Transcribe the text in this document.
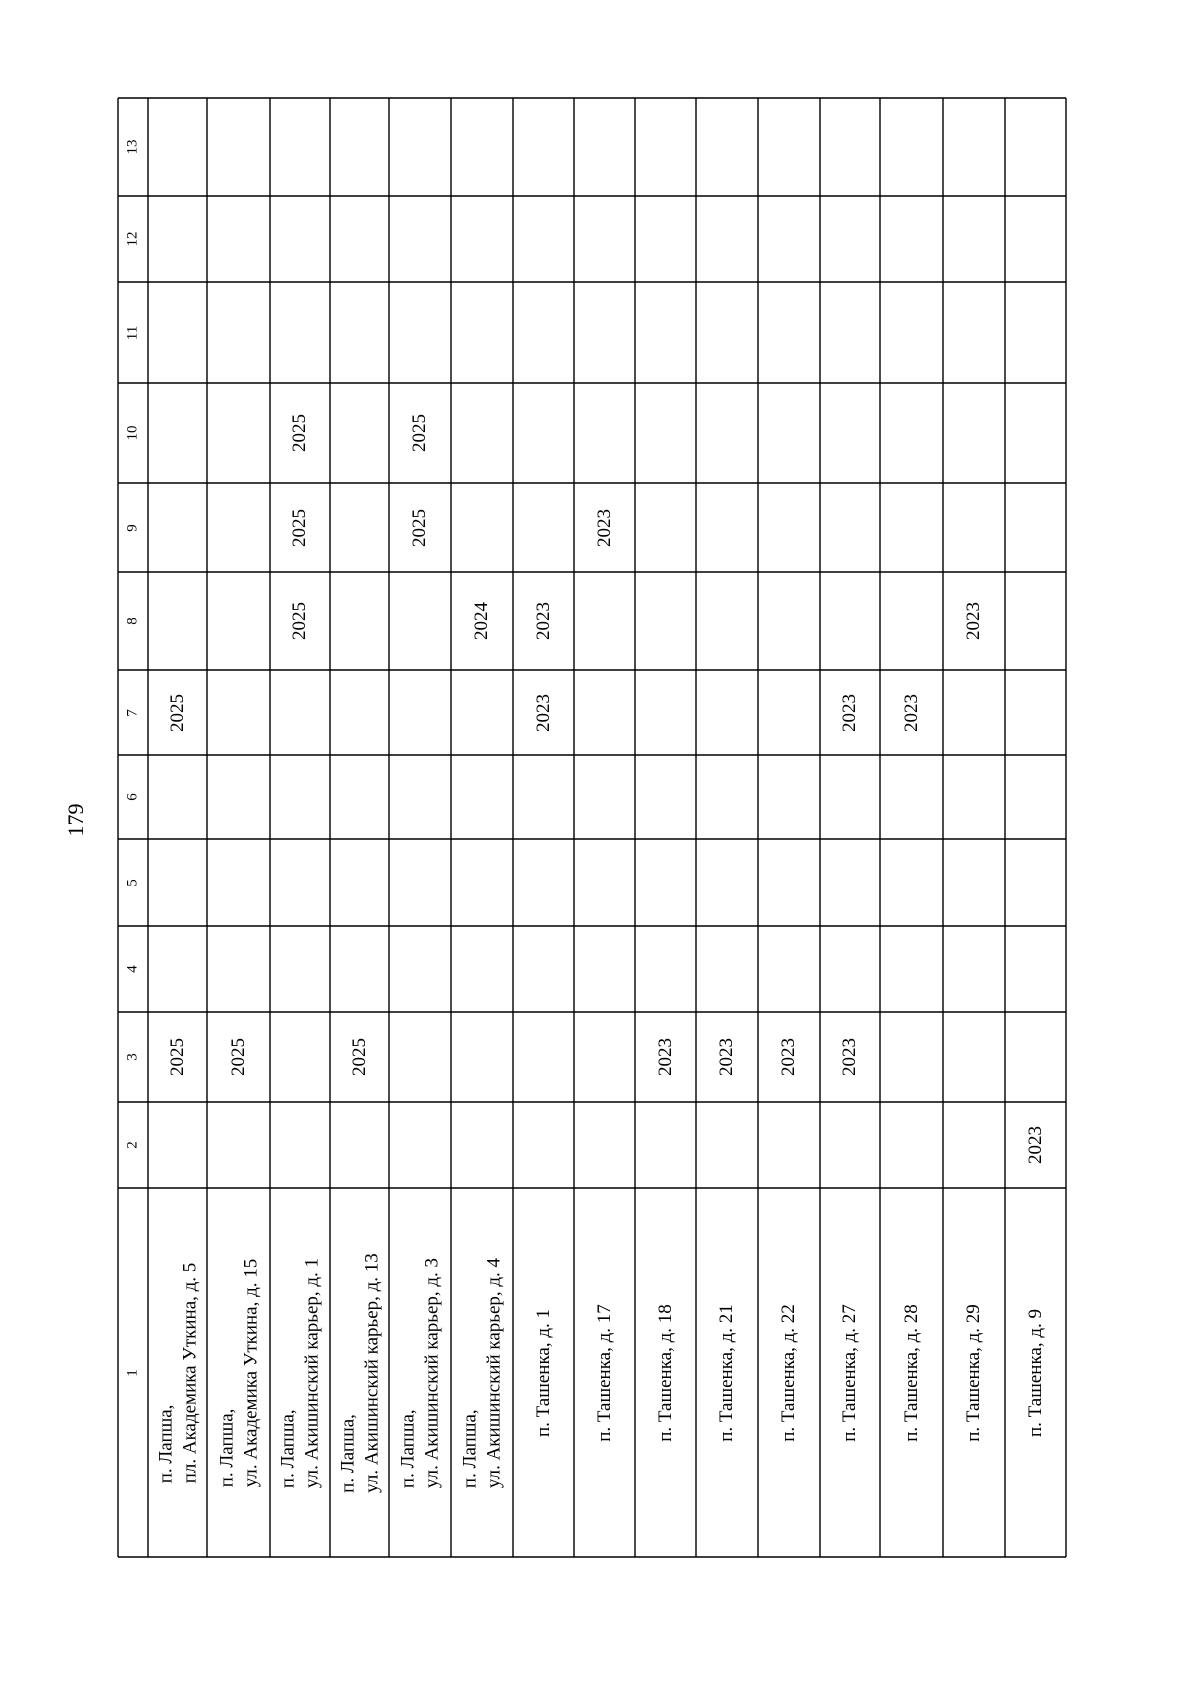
179
1
2
3
4
5
6
7
8
9
10
11
12
13
п. Лапша, пл. Академика Уткина, д. 5
2025
2025
п. Лапша, ул. Академика Уткина, д. 15
2025
п. Лапша, ул. Акишинский карьер, д. 1
2025
2025
2025
п. Лапша, ул. Акишинский карьер, д. 13
2025
п. Лапша, ул. Акишинский карьер, д. 3
2025
2025
п. Лапша, ул. Акишинский карьер, д. 4
2024
п. Ташенка, д. 1
2023
2023
п. Ташенка, д. 17
2023
п. Ташенка, д. 18
2023
п. Ташенка, д. 21
2023
п. Ташенка, д. 22
2023
п. Ташенка, д. 27
2023
2023
п. Ташенка, д. 28
2023
п. Ташенка, д. 29
2023
п. Ташенка, д. 9
2023
